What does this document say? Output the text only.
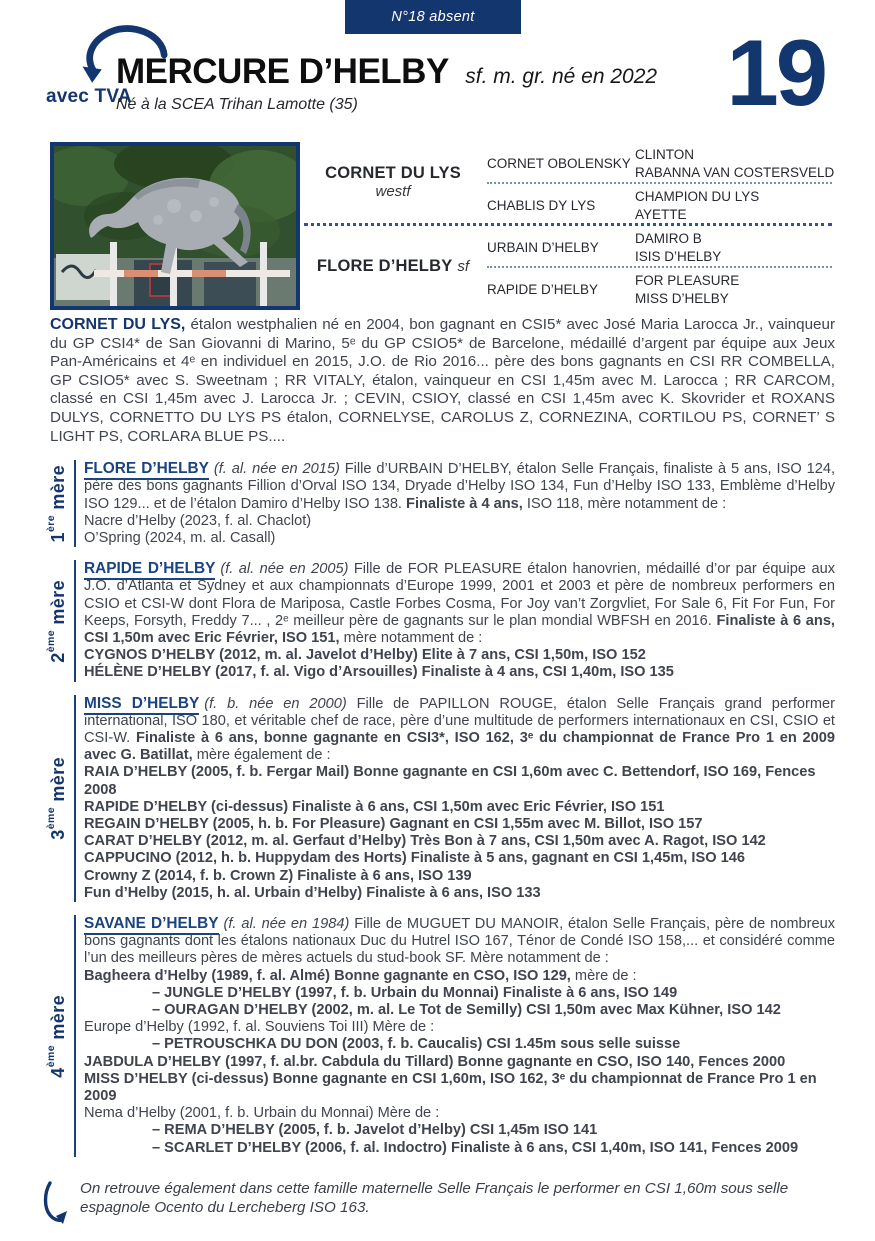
N°18 absent
avec TVA
MERCURE D’HELBY sf. m. gr. né en 2022
Né à la SCEA Trihan Lamotte (35)	19
CORNET DU LYS
westf
FLORE D’HELBY sf
CORNET OBOLENSKY
CLINTON
RABANNA VAN COSTERSVELD
CHABLIS DY LYS
CHAMPION DU LYS
AYETTE
URBAIN D’HELBY
DAMIRO B
ISIS D’HELBY
RAPIDE D’HELBY
FOR PLEASURE
MISS D’HELBY

CORNET DU LYS, étalon westphalien né en 2004, bon gagnant en CSI5* avec José Maria Larocca Jr., vainqueur du GP CSI4* de San Giovanni di Marino, 5ᵉ du GP CSIO5* de Barcelone, médaillé d’argent par équipe aux Jeux Pan-Américains et 4ᵉ en individuel en 2015, J.O. de Rio 2016... père des bons gagnants en CSI RR COMBELLA, GP CSIO5* avec S. Sweetnam ; RR VITALY, étalon, vainqueur en CSI 1,45m avec M. Larocca ; RR CARCOM, classé en CSI 1,45m avec J. Larocca Jr. ; CEVIN, CSIOY, classé en CSI 1,45m avec K. Skovrider et ROXANS DULYS, CORNETTO DU LYS PS étalon, CORNELYSE, CAROLUS Z, CORNEZINA, CORTILOU PS, CORNET’ S LIGHT PS, CORLARA BLUE PS....

1ère mère FLORE D’HELBY (f. al. née en 2015) Fille d’URBAIN D’HELBY, étalon Selle Français, finaliste à 5 ans, ISO 124, père des bons gagnants Fillion d’Orval ISO 134, Dryade d’Helby ISO 134, Fun d’Helby ISO 133, Emblème d’Helby ISO 129... et de l’étalon Damiro d’Helby ISO 138. Finaliste à 4 ans, ISO 118, mère notamment de :

Nacre d’Helby (2023, f. al. Chaclot)

O’Spring (2024, m. al. Casall)

2ème mère

RAPIDE D’HELBY (f. al. née en 2005) Fille de FOR PLEASURE étalon hanovrien, médaillé d’or par équipe aux J.O. d’Atlanta et Sydney et aux championnats d’Europe 1999, 2001 et 2003 et père de nombreux performers en CSIO et CSI-W dont Flora de Mariposa, Castle Forbes Cosma, For Joy van’t Zorgvliet, For Sale 6, Fit For Fun, For Keeps, Forsyth, Freddy 7... , 2ᵉ meilleur père de gagnants sur le plan mondial WBFSH en 2016. Finaliste à 6 ans, CSI 1,50m avec Eric Février, ISO 151, mère notamment de :

CYGNOS D’HELBY (2012, m. al. Javelot d’Helby) Elite à 7 ans, CSI 1,50m, ISO 152

HÉLÈNE D’HELBY (2017, f. al. Vigo d’Arsouilles) Finaliste à 4 ans, CSI 1,40m, ISO 135

3ème mère

MISS D’HELBY (f. b. née en 2000) Fille de PAPILLON ROUGE, étalon Selle Français grand performer international, ISO 180, et véritable chef de race, père d’une multitude de performers internationaux en CSI, CSIO et CSI-W. Finaliste à 6 ans, bonne gagnante en CSI3*, ISO 162, 3ᵉ du championnat de France Pro 1 en 2009 avec G. Batillat, mère également de :

RAIA D’HELBY (2005, f. b. Fergar Mail) Bonne gagnante en CSI 1,60m avec C. Bettendorf, ISO 169, Fences 2008

RAPIDE D’HELBY (ci-dessus) Finaliste à 6 ans, CSI 1,50m avec Eric Février, ISO 151

REGAIN D’HELBY (2005, h. b. For Pleasure) Gagnant en CSI 1,55m avec M. Billot, ISO 157

CARAT D’HELBY (2012, m. al. Gerfaut d’Helby) Très Bon à 7 ans, CSI 1,50m avec A. Ragot, ISO 142

CAPPUCINO (2012, h. b. Huppydam des Horts) Finaliste à 5 ans, gagnant en CSI 1,45m, ISO 146

Crowny Z (2014, f. b. Crown Z) Finaliste à 6 ans, ISO 139

Fun d’Helby (2015, h. al. Urbain d’Helby) Finaliste à 6 ans, ISO 133

4ème mère

SAVANE D’HELBY (f. al. née en 1984) Fille de MUGUET DU MANOIR, étalon Selle Français, père de nombreux bons gagnants dont les étalons nationaux Duc du Hutrel ISO 167, Ténor de Condé ISO 158,... et considéré comme l’un des meilleurs pères de mères actuels du stud-book SF. Mère notamment de :

Bagheera d’Helby (1989, f. al. Almé) Bonne gagnante en CSO, ISO 129, mère de :

– JUNGLE D’HELBY (1997, f. b. Urbain du Monnai) Finaliste à 6 ans, ISO 149

– OURAGAN D’HELBY (2002, m. al. Le Tot de Semilly) CSI 1,50m avec Max Kühner, ISO 142

Europe d’Helby (1992, f. al. Souviens Toi III) Mère de :

– PETROUSCHKA DU DON (2003, f. b. Caucalis) CSI 1.45m sous selle suisse

JABDULA D’HELBY (1997, f. al.br. Cabdula du Tillard) Bonne gagnante en CSO, ISO 140, Fences 2000

MISS D’HELBY (ci-dessus) Bonne gagnante en CSI 1,60m, ISO 162, 3ᵉ du championnat de France Pro 1 en 2009

Nema d’Helby (2001, f. b. Urbain du Monnai) Mère de :

– REMA D’HELBY (2005, f. b. Javelot d’Helby) CSI 1,45m ISO 141

– SCARLET D’HELBY (2006, f. al. Indoctro) Finaliste à 6 ans, CSI 1,40m, ISO 141, Fences 2009

On retrouve également dans cette famille maternelle Selle Français le performer en CSI 1,60m sous selle espagnole Ocento du Lercheberg ISO 163.
